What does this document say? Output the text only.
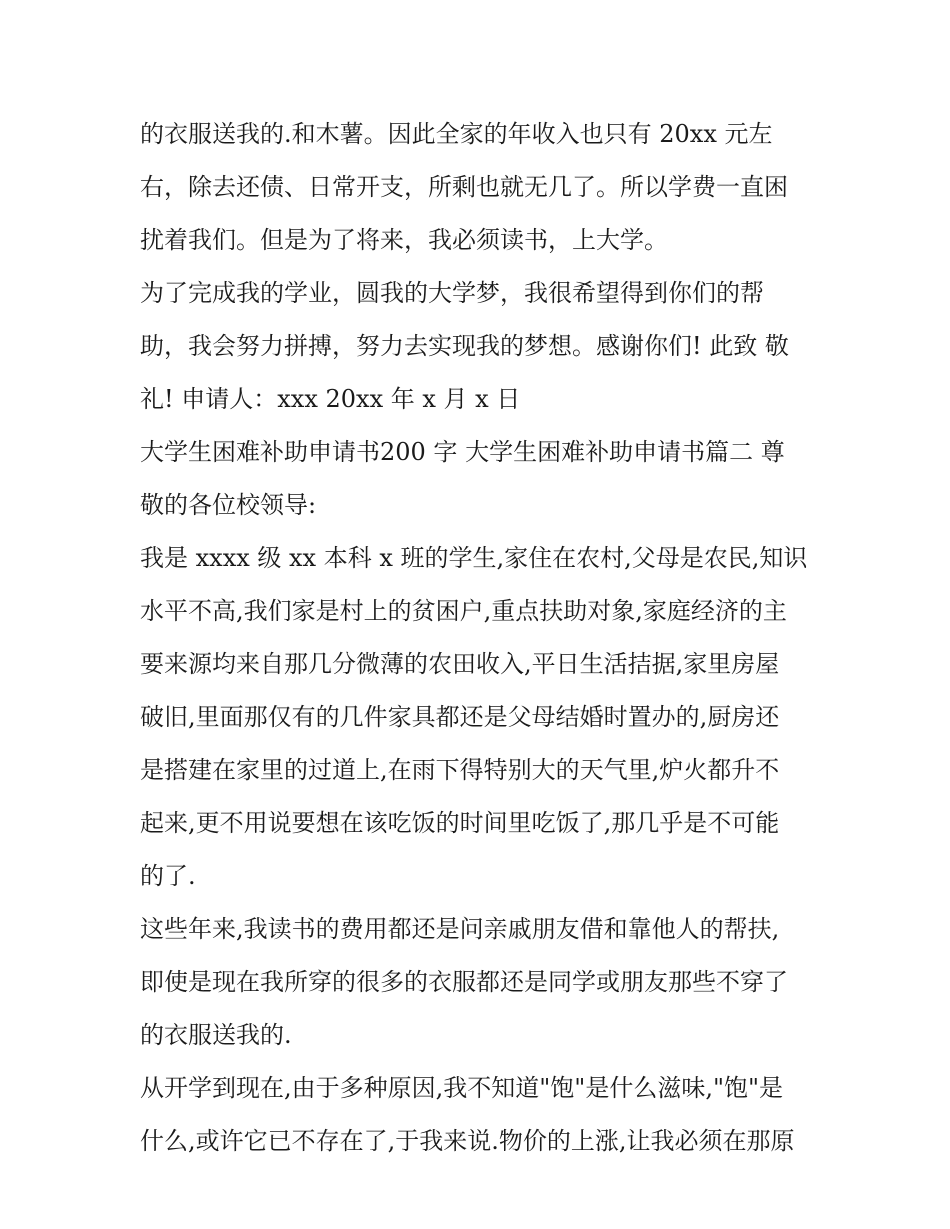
的衣服送我的.和木薯。因此全家的年收入也只有 20xx 元左
右，除去还债、日常开支，所剩也就无几了。所以学费一直困
扰着我们。但是为了将来，我必须读书，上大学。
为了完成我的学业，圆我的大学梦，我很希望得到你们的帮
助，我会努力拼搏，努力去实现我的梦想。感谢你们! 此致 敬
礼! 申请人：xxx 20xx 年 x 月 x 日
大学生困难补助申请书200 字 大学生困难补助申请书篇二 尊
敬的各位校领导:
我是 xxxx 级 xx 本科 x 班的学生,家住在农村,父母是农民,知识
水平不高,我们家是村上的贫困户,重点扶助对象,家庭经济的主
要来源均来自那几分微薄的农田收入,平日生活拮据,家里房屋
破旧,里面那仅有的几件家具都还是父母结婚时置办的,厨房还
是搭建在家里的过道上,在雨下得特别大的天气里,炉火都升不
起来,更不用说要想在该吃饭的时间里吃饭了,那几乎是不可能
的了.
这些年来,我读书的费用都还是问亲戚朋友借和靠他人的帮扶,
即使是现在我所穿的很多的衣服都还是同学或朋友那些不穿了
的衣服送我的.
从开学到现在,由于多种原因,我不知道"饱"是什么滋味,"饱"是
什么,或许它已不存在了,于我来说.物价的上涨,让我必须在那原
